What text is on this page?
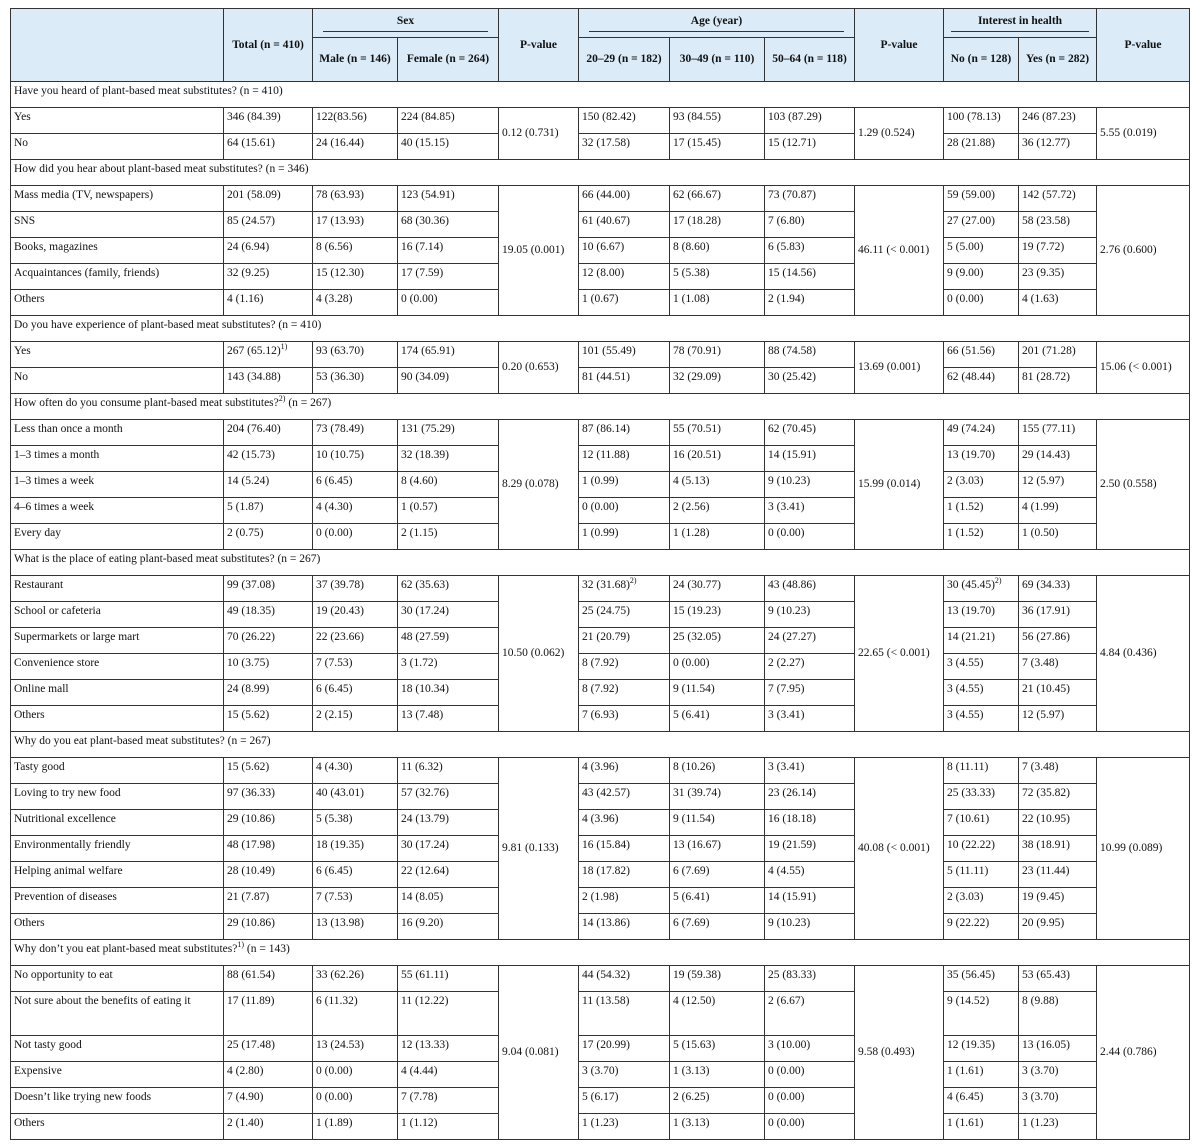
	Total (n = 410)	Sex		P-value	Age (year)			P-value	Interest in health		P-value
		Male (n = 146)	Female (n = 264)		20–29 (n = 182)	30–49 (n = 110)	50–64 (n = 118)		No (n = 128)	Yes (n = 282)	
Have you heard of plant-based meat substitutes? (n = 410)											
Yes	346 (84.39)	122(83.56)	224 (84.85)	0.12 (0.731)	150 (82.42)	93 (84.55)	103 (87.29)	1.29 (0.524)	100 (78.13)	246 (87.23)	5.55 (0.019)
No	64 (15.61)	24 (16.44)	40 (15.15)		32 (17.58)	17 (15.45)	15 (12.71)		28 (21.88)	36 (12.77)	
How did you hear about plant-based meat substitutes? (n = 346)											
Mass media (TV, newspapers)	201 (58.09)	78 (63.93)	123 (54.91)	19.05 (0.001)	66 (44.00)	62 (66.67)	73 (70.87)	46.11 (< 0.001)	59 (59.00)	142 (57.72)	2.76 (0.600)
SNS	85 (24.57)	17 (13.93)	68 (30.36)		61 (40.67)	17 (18.28)	7 (6.80)		27 (27.00)	58 (23.58)	
Books, magazines	24 (6.94)	8 (6.56)	16 (7.14)		10 (6.67)	8 (8.60)	6 (5.83)		5 (5.00)	19 (7.72)	
Acquaintances (family, friends)	32 (9.25)	15 (12.30)	17 (7.59)		12 (8.00)	5 (5.38)	15 (14.56)		9 (9.00)	23 (9.35)	
Others	4 (1.16)	4 (3.28)	0 (0.00)		1 (0.67)	1 (1.08)	2 (1.94)		0 (0.00)	4 (1.63)	
Do you have experience of plant-based meat substitutes? (n = 410)											
Yes	267 $(65.12)^{1)}$	93 (63.70)	174 (65.91)	0.20 (0.653)	101 (55.49)	78 (70.91)	88 (74.58)	13.69 (0.001)	66 (51.56)	201 (71.28)	15.06 (< 0.001)
No	143 (34.88)	53 (36.30)	90 (34.09)		81 (44.51)	32 (29.09)	30 (25.42)		62 (48.44)	81 (28.72)	
How often do you consume plant-based meat substitutes?$^{2)}$ (n = 267)											
Less than once a month	204 (76.40)	73 (78.49)	131 (75.29)	8.29 (0.078)	87 (86.14)	55 (70.51)	62 (70.45)	15.99 (0.014)	49 (74.24)	155 (77.11)	2.50 (0.558)
1–3 times a month	42 (15.73)	10 (10.75)	32 (18.39)		12 (11.88)	16 (20.51)	14 (15.91)		13 (19.70)	29 (14.43)	
1–3 times a week	14 (5.24)	6 (6.45)	8 (4.60)		1 (0.99)	4 (5.13)	9 (10.23)		2 (3.03)	12 (5.97)	
4–6 times a week	5 (1.87)	4 (4.30)	1 (0.57)		0 (0.00)	2 (2.56)	3 (3.41)		1 (1.52)	4 (1.99)	
Every day	2 (0.75)	0 (0.00)	2 (1.15)		1 (0.99)	1 (1.28)	0 (0.00)		1 (1.52)	1 (0.50)	
What is the place of eating plant-based meat substitutes? (n = 267)											
Restaurant	99 (37.08)	37 (39.78)	62 (35.63)	10.50 (0.062)	32 $(31.68)^{2)}$	24 (30.77)	43 (48.86)	22.65 (< 0.001)	30 $(45.45)^{2)}$	69 (34.33)	4.84 (0.436)
School or cafeteria	49 (18.35)	19 (20.43)	30 (17.24)		25 (24.75)	15 (19.23)	9 (10.23)		13 (19.70)	36 (17.91)	
Supermarkets or large mart	70 (26.22)	22 (23.66)	48 (27.59)		21 (20.79)	25 (32.05)	24 (27.27)		14 (21.21)	56 (27.86)	
Convenience store	10 (3.75)	7 (7.53)	3 (1.72)		8 (7.92)	0 (0.00)	2 (2.27)		3 (4.55)	7 (3.48)	
Online mall	24 (8.99)	6 (6.45)	18 (10.34)		8 (7.92)	9 (11.54)	7 (7.95)		3 (4.55)	21 (10.45)	
Others	15 (5.62)	2 (2.15)	13 (7.48)		7 (6.93)	5 (6.41)	3 (3.41)		3 (4.55)	12 (5.97)	
Why do you eat plant-based meat substitutes? (n = 267)											
Tasty good	15 (5.62)	4 (4.30)	11 (6.32)	9.81 (0.133)	4 (3.96)	8 (10.26)	3 (3.41)	40.08 (< 0.001)	8 (11.11)	7 (3.48)	10.99 (0.089)
Loving to try new food	97 (36.33)	40 (43.01)	57 (32.76)		43 (42.57)	31 (39.74)	23 (26.14)		25 (33.33)	72 (35.82)	
Nutritional excellence	29 (10.86)	5 (5.38)	24 (13.79)		4 (3.96)	9 (11.54)	16 (18.18)		7 (10.61)	22 (10.95)	
Environmentally friendly	48 (17.98)	18 (19.35)	30 (17.24)		16 (15.84)	13 (16.67)	19 (21.59)		10 (22.22)	38 (18.91)	
Helping animal welfare	28 (10.49)	6 (6.45)	22 (12.64)		18 (17.82)	6 (7.69)	4 (4.55)		5 (11.11)	23 (11.44)	
Prevention of diseases	21 (7.87)	7 (7.53)	14 (8.05)		2 (1.98)	5 (6.41)	14 (15.91)		2 (3.03)	19 (9.45)	
Others	29 (10.86)	13 (13.98)	16 (9.20)		14 (13.86)	6 (7.69)	9 (10.23)		9 (22.22)	20 (9.95)	
Why don’t you eat plant-based meat substitutes?$^{1)}$ (n = 143)											
No opportunity to eat	88 (61.54)	33 (62.26)	55 (61.11)	9.04 (0.081)	44 (54.32)	19 (59.38)	25 (83.33)	9.58 (0.493)	35 (56.45)	53 (65.43)	2.44 (0.786)
Not sure about the benefits of eating it	17 (11.89)	6 (11.32)	11 (12.22)		11 (13.58)	4 (12.50)	2 (6.67)		9 (14.52)	8 (9.88)	
Not tasty good	25 (17.48)	13 (24.53)	12 (13.33)		17 (20.99)	5 (15.63)	3 (10.00)		12 (19.35)	13 (16.05)	
Expensive	4 (2.80)	0 (0.00)	4 (4.44)		3 (3.70)	1 (3.13)	0 (0.00)		1 (1.61)	3 (3.70)	
Doesn’t like trying new foods	7 (4.90)	0 (0.00)	7 (7.78)		5 (6.17)	2 (6.25)	0 (0.00)		4 (6.45)	3 (3.70)	
Others	2 (1.40)	1 (1.89)	1 (1.12)		1 (1.23)	1 (3.13)	0 (0.00)		1 (1.61)	1 (1.23)	
